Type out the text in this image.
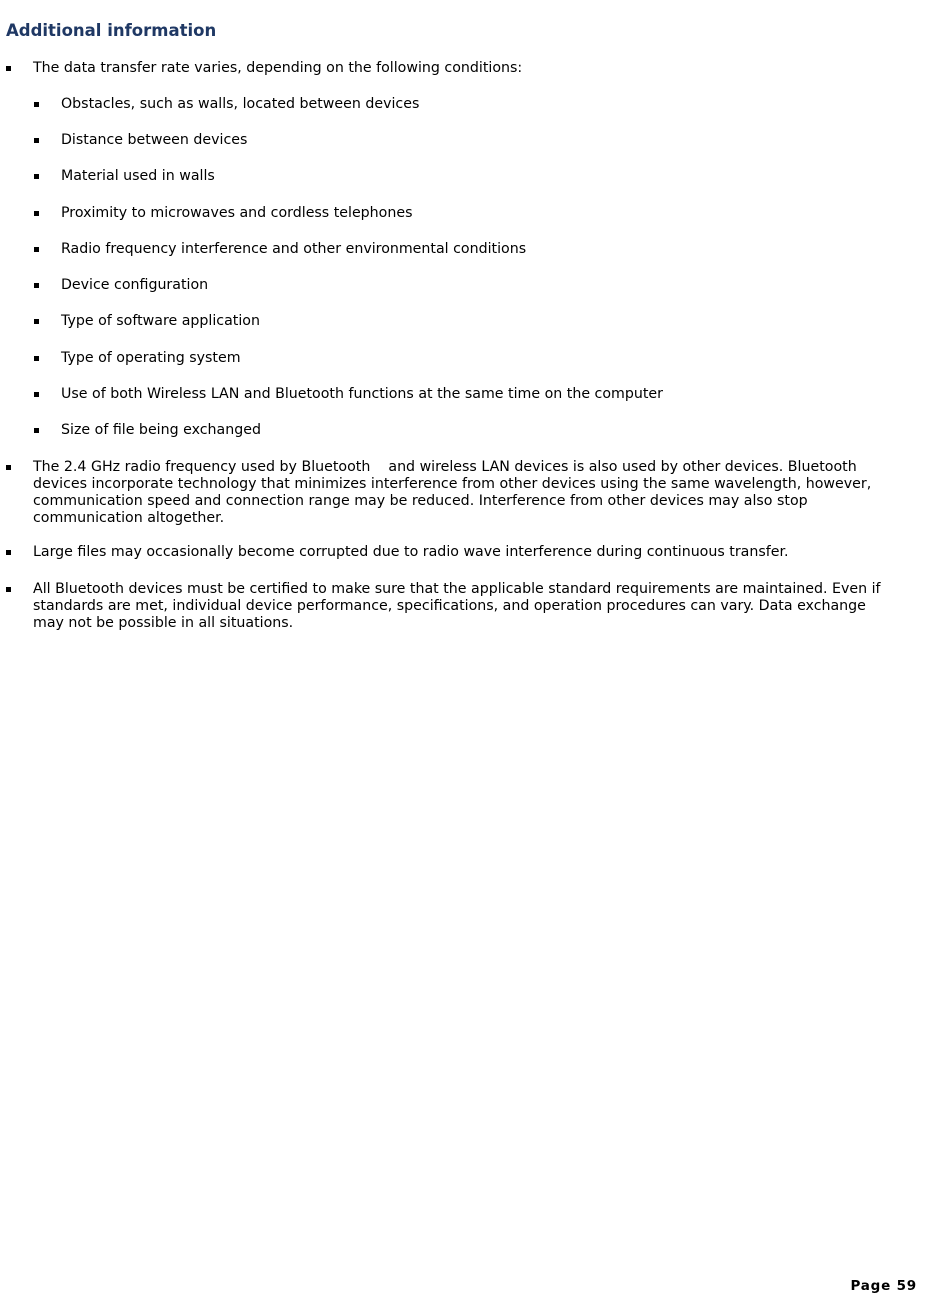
Additional information
The data transfer rate varies, depending on the following conditions:
Obstacles, such as walls, located between devices
Distance between devices
Material used in walls
Proximity to microwaves and cordless telephones
Radio frequency interference and other environmental conditions
Device configuration
Type of software application
Type of operating system
Use of both Wireless LAN and Bluetooth functions at the same time on the computer
Size of file being exchanged
The 2.4 GHz radio frequency used by Bluetooth    and wireless LAN devices is also used by other devices. Bluetooth devices incorporate technology that minimizes interference from other devices using the same wavelength, however, communication speed and connection range may be reduced. Interference from other devices may also stop communication altogether.
Large files may occasionally become corrupted due to radio wave interference during continuous transfer.
All Bluetooth devices must be certified to make sure that the applicable standard requirements are maintained. Even if standards are met, individual device performance, specifications, and operation procedures can vary. Data exchange may not be possible in all situations.
Page 59
